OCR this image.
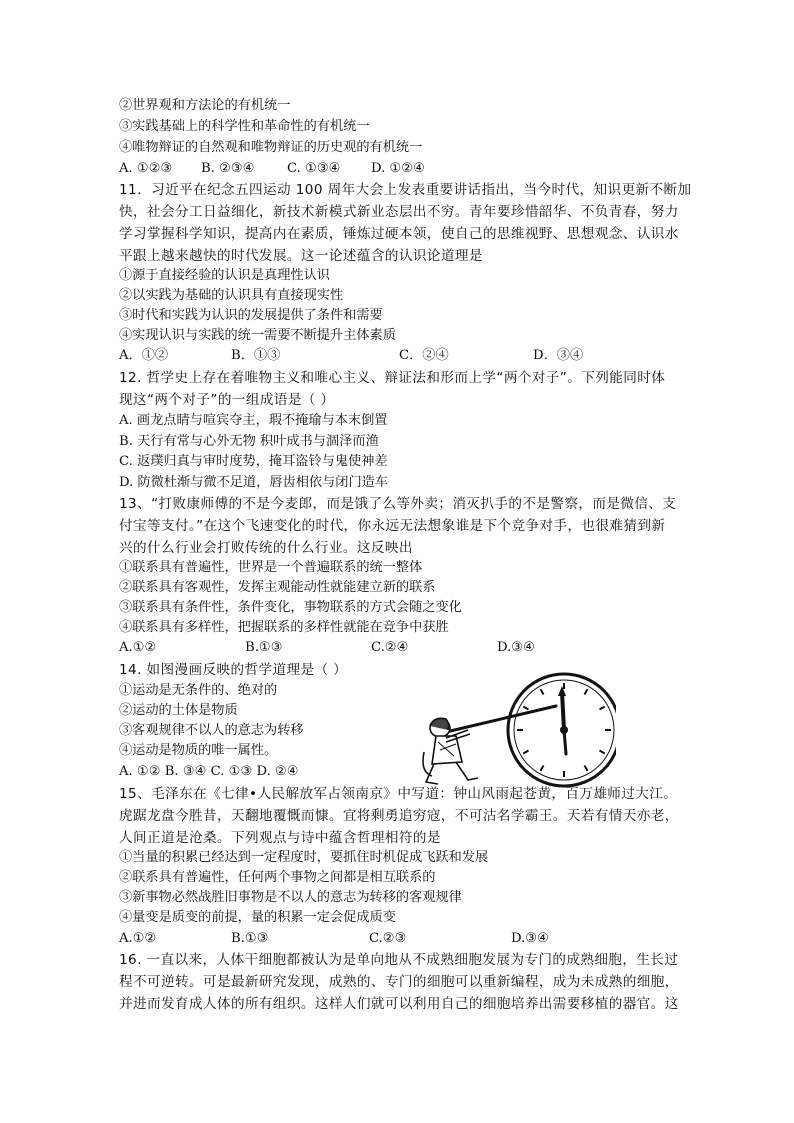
②世界观和方法论的有机统一
③实践基础上的科学性和革命性的有机统一
④唯物辩证的自然观和唯物辩证的历史观的有机统一
A. ①②③ B. ②③④ C. ①③④ D. ①②④
11．习近平在纪念五四运动 100 周年大会上发表重要讲话指出，当今时代，知识更新不断加
快，社会分工日益细化，新技术新模式新业态层出不穷。青年要珍惜韶华、不负青春，努力
学习掌握科学知识，提高内在素质，锤炼过硬本领，使自己的思维视野、思想观念、认识水
平跟上越来越快的时代发展。这一论述蕴含的认识论道理是
①源于直接经验的认识是真理性认识
②以实践为基础的认识具有直接现实性
③时代和实践为认识的发展提供了条件和需要
④实现认识与实践的统一需要不断提升主体素质
A．①②	B．①③	C．②④	D．③④
12. 哲学史上存在着唯物主义和唯心主义、辩证法和形而上学“两个对子”。下列能同时体
现这“两个对子”的一组成语是（ ）
A. 画龙点睛与喧宾夺主，瑕不掩瑜与本末倒置
B. 天行有常与心外无物 积叶成书与涸泽而渔
C. 返璞归真与审时度势，掩耳盗铃与鬼使神差
D. 防微杜渐与微不足道，唇齿相依与闭门造车
13、“打败康师傅的不是今麦郎，而是饿了么等外卖；消灭扒手的不是警察，而是微信、支
付宝等支付。”在这个飞速变化的时代，你永远无法想象谁是下个竞争对手，也很难猜到新
兴的什么行业会打败传统的什么行业。这反映出
①联系具有普遍性，世界是一个普遍联系的统一整体
②联系具有客观性，发挥主观能动性就能建立新的联系
③联系具有条件性，条件变化，事物联系的方式会随之变化
④联系具有多样性，把握联系的多样性就能在竞争中获胜
A.①②	B.①③	C.②④	D.③④
14. 如图漫画反映的哲学道理是（ ）
①运动是无条件的、绝对的
②运动的土体是物质
③客观规律不以人的意志为转移
④运动是物质的唯一属性。
A. ①② B. ③④ C. ①③ D. ②④
15、毛泽东在《七律•人民解放军占领南京》中写道：钟山风雨起苍黄，百万雄师过大江。
虎踞龙盘今胜昔，天翻地覆慨而慷。宜将剩勇追穷寇，不可沽名学霸王。天若有情天亦老，
人间正道是沧桑。下列观点与诗中蕴含哲理相符的是
①当量的积累已经达到一定程度时，要抓住时机促成飞跃和发展
②联系具有普遍性，任何两个事物之间都是相互联系的
③新事物必然战胜旧事物是不以人的意志为转移的客观规律
④量变是质变的前提，量的积累一定会促成质变
A.①②	B.①③	C.②③	D.③④
16. 一直以来，人体干细胞都被认为是单向地从不成熟细胞发展为专门的成熟细胞，生长过
程不可逆转。可是最新研究发现，成熟的、专门的细胞可以重新编程，成为未成熟的细胞，
并进而发育成人体的所有组织。这样人们就可以利用自己的细胞培养出需要移植的器官。这
